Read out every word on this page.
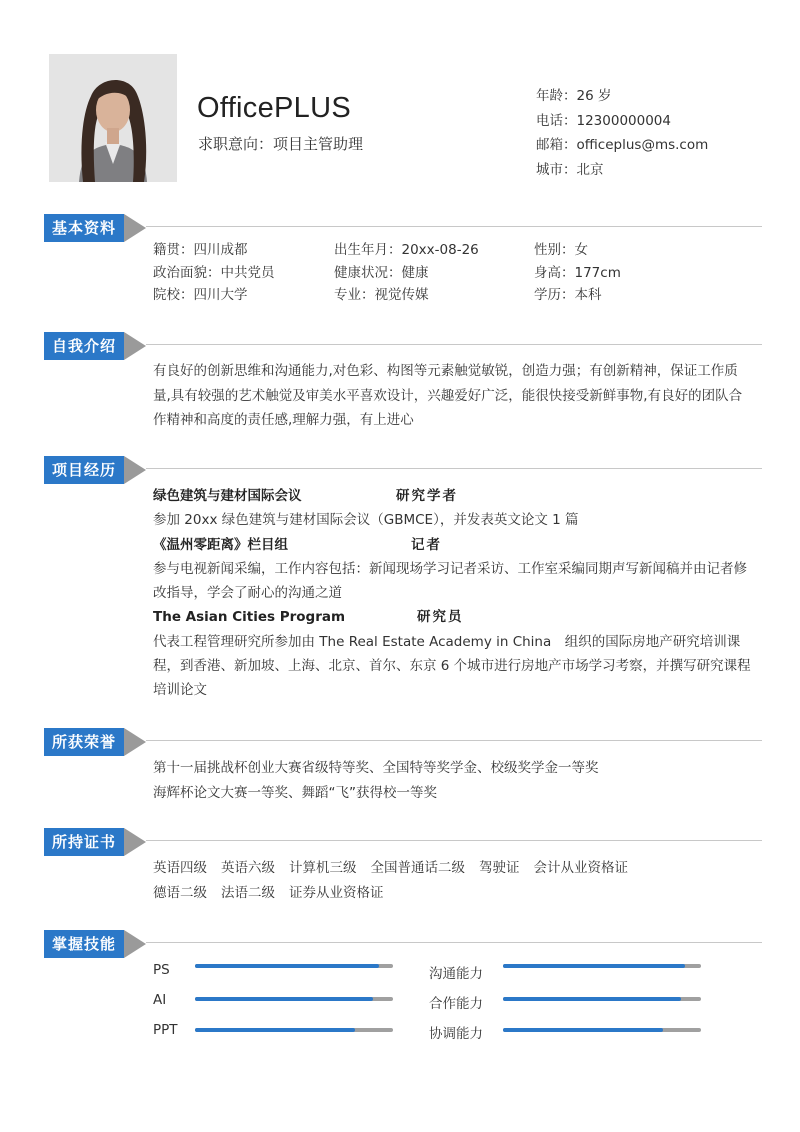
OfficePLUS
求职意向：项目主管助理
年龄：26 岁
电话：12300000004
邮箱：officeplus@ms.com
城市：北京
基本资料
籍贯：四川成都	出生年月：20xx-08-26	性别：女
政治面貌：中共党员	健康状况：健康	身高：177cm
院校：四川大学	专业：视觉传媒	学历：本科
自我介绍
有良好的创新思维和沟通能力,对色彩、构图等元素触觉敏锐，创造力强；有创新精神，保证工作质量,具有较强的艺术触觉及审美水平喜欢设计，兴趣爱好广泛，能很快接受新鲜事物,有良好的团队合作精神和高度的责任感,理解力强，有上进心
项目经历
绿色建筑与建材国际会议	研究学者
参加 20xx 绿色建筑与建材国际会议（GBMCE），并发表英文论文 1 篇
《温州零距离》栏目组	记者
参与电视新闻采编，工作内容包括：新闻现场学习记者采访、工作室采编同期声写新闻稿并由记者修改指导，学会了耐心的沟通之道
The Asian Cities Program	研究员
代表工程管理研究所参加由 The Real Estate Academy in China　组织的国际房地产研究培训课程，到香港、新加坡、上海、北京、首尔、东京 6 个城市进行房地产市场学习考察，并撰写研究课程培训论文
所获荣誉
第十一届挑战杯创业大赛省级特等奖、全国特等奖学金、校级奖学金一等奖
海辉杯论文大赛一等奖、舞蹈“飞”获得校一等奖
所持证书
英语四级 英语六级 计算机三级 全国普通话二级 驾驶证 会计从业资格证
德语二级 法语二级 证券从业资格证
掌握技能
PS
AI
PPT
沟通能力
合作能力
协调能力
